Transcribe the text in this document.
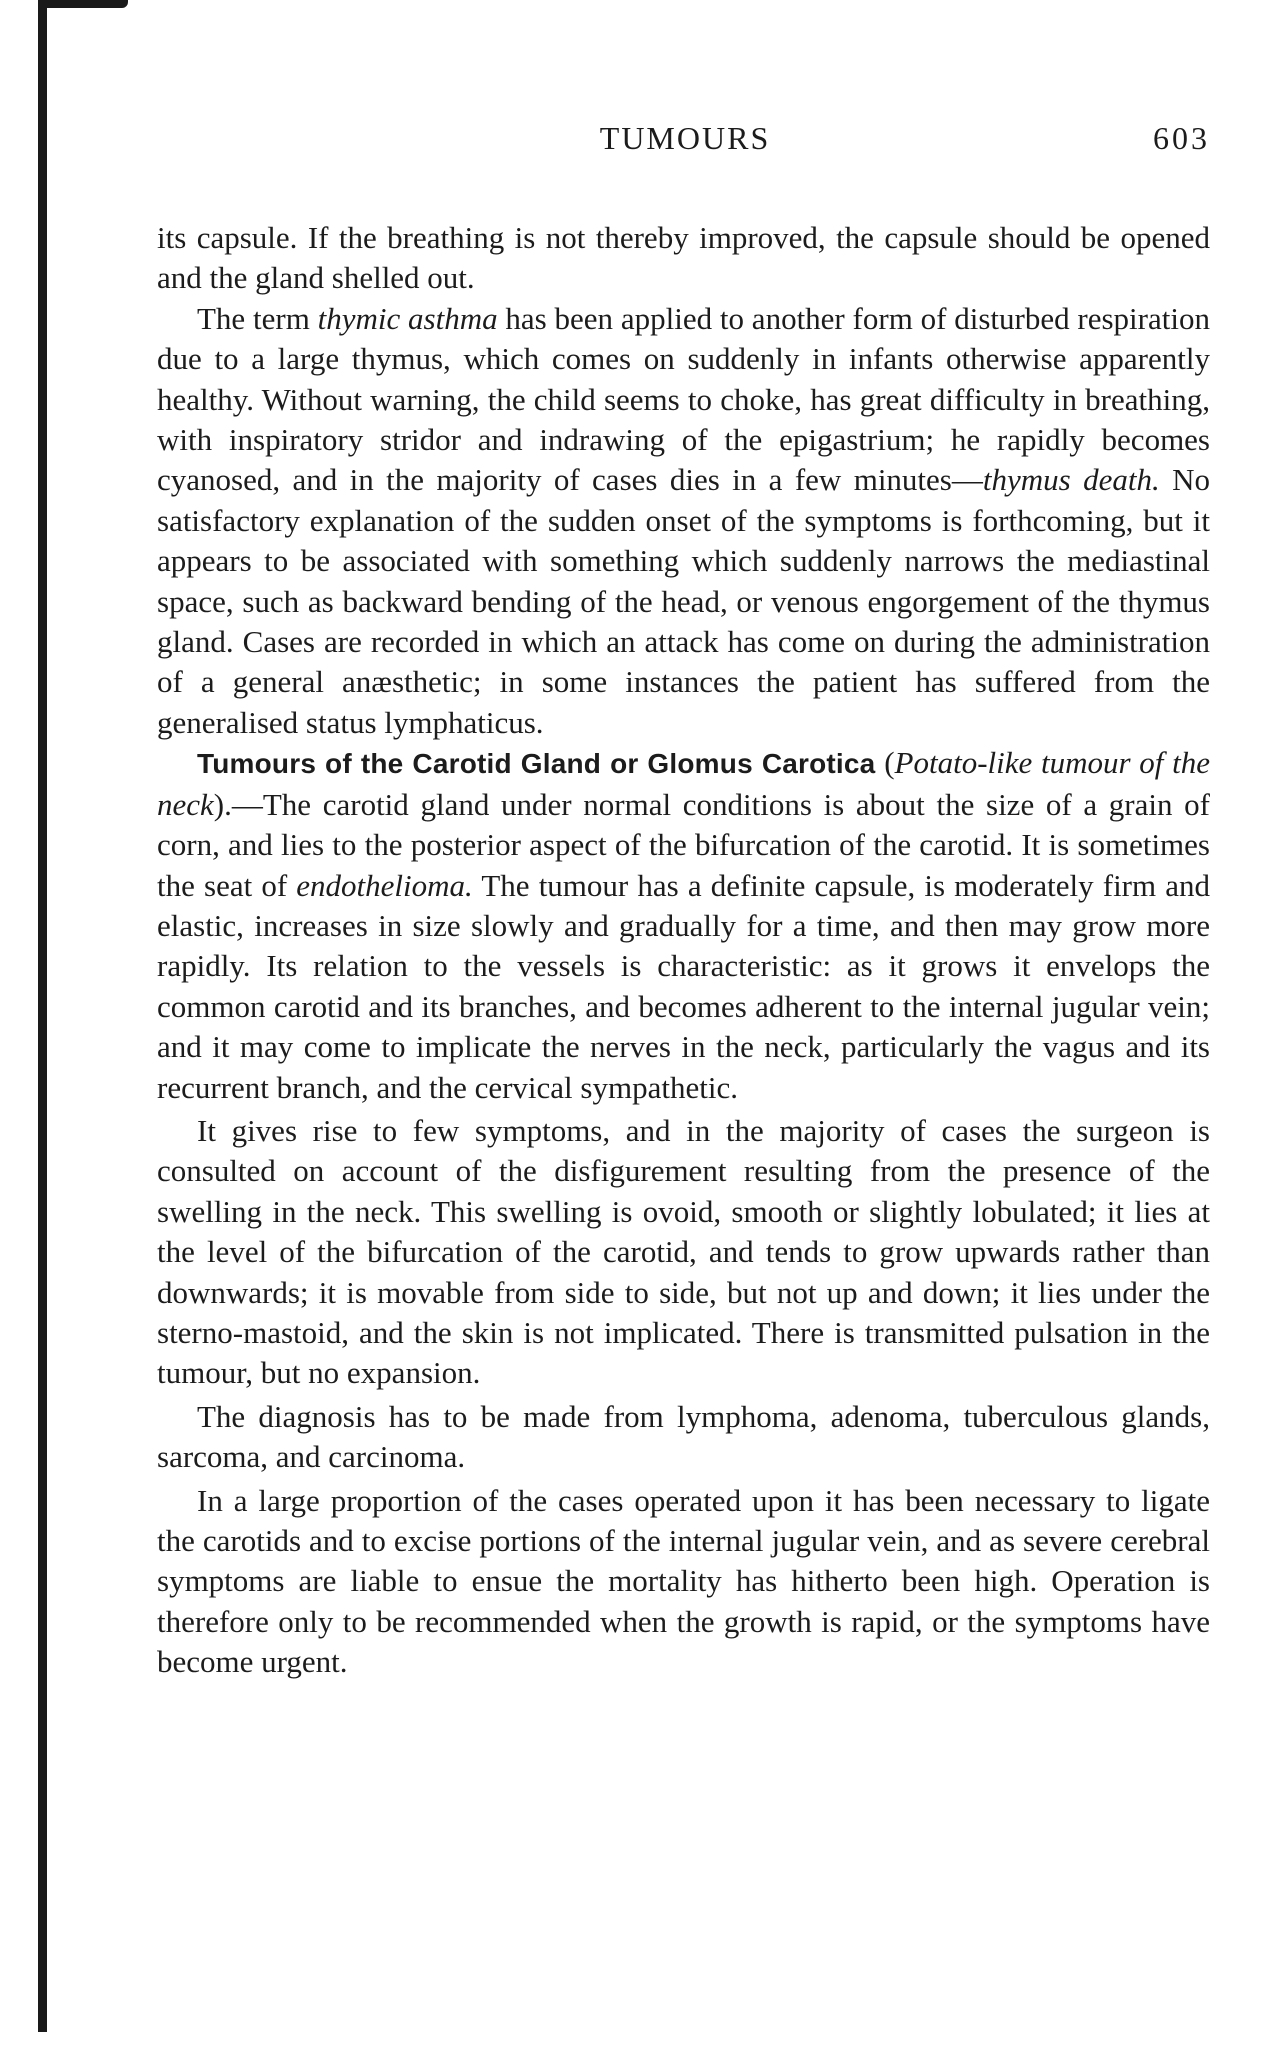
TUMOURS	603

its capsule. If the breathing is not thereby improved, the capsule should be opened and the gland shelled out.

The term thymic asthma has been applied to another form of disturbed respiration due to a large thymus, which comes on suddenly in infants otherwise apparently healthy. Without warning, the child seems to choke, has great difficulty in breathing, with inspiratory stridor and indrawing of the epigastrium; he rapidly becomes cyanosed, and in the majority of cases dies in a few minutes—thymus death. No satisfactory explanation of the sudden onset of the symptoms is forthcoming, but it appears to be associated with something which suddenly narrows the mediastinal space, such as backward bending of the head, or venous engorgement of the thymus gland. Cases are recorded in which an attack has come on during the administration of a general anæsthetic; in some instances the patient has suffered from the generalised status lymphaticus.

Tumours of the Carotid Gland or Glomus Carotica (Potato-like tumour of the neck).—The carotid gland under normal conditions is about the size of a grain of corn, and lies to the posterior aspect of the bifurcation of the carotid. It is sometimes the seat of endothelioma. The tumour has a definite capsule, is moderately firm and elastic, increases in size slowly and gradually for a time, and then may grow more rapidly. Its relation to the vessels is characteristic: as it grows it envelops the common carotid and its branches, and becomes adherent to the internal jugular vein; and it may come to implicate the nerves in the neck, particularly the vagus and its recurrent branch, and the cervical sympathetic.

It gives rise to few symptoms, and in the majority of cases the surgeon is consulted on account of the disfigurement resulting from the presence of the swelling in the neck. This swelling is ovoid, smooth or slightly lobulated; it lies at the level of the bifurcation of the carotid, and tends to grow upwards rather than downwards; it is movable from side to side, but not up and down; it lies under the sterno-mastoid, and the skin is not implicated. There is transmitted pulsation in the tumour, but no expansion.

The diagnosis has to be made from lymphoma, adenoma, tuberculous glands, sarcoma, and carcinoma.

In a large proportion of the cases operated upon it has been necessary to ligate the carotids and to excise portions of the internal jugular vein, and as severe cerebral symptoms are liable to ensue the mortality has hitherto been high. Operation is therefore only to be recommended when the growth is rapid, or the symptoms have become urgent.
